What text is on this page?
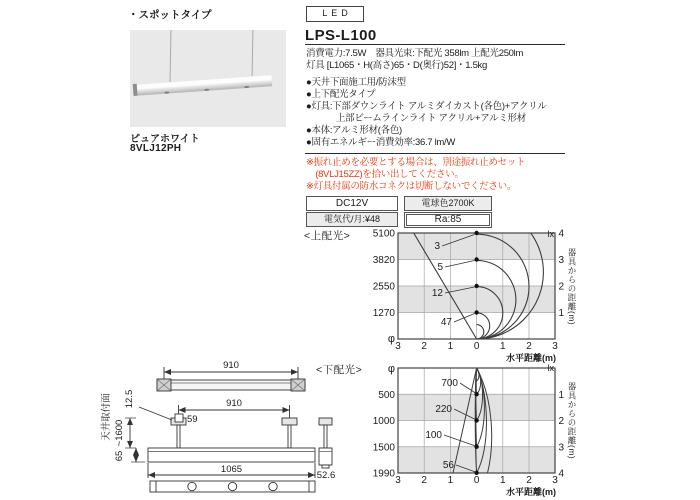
・スポットタイプ
ピュアホワイト
8VLJ12PH
LED
LPS-L100
消費電力:7.5W　器具光束:下配光 358lm 上配光250lm
灯具 [L1065・H(高さ)65・D(奥行)52]・1.5kg
●天井下面施工用/防沫型
●上下配光タイプ
●灯具:下部ダウンライト アルミダイカスト(各色)+アクリル
　　　 上部ビームラインライト アクリル+アルミ形材
●本体:アルミ形材(各色)
●固有エネルギー消費効率:36.7 lm/W
※振れ止めを必要とする場合は、別途振れ止めセット
　(8VLJ15ZZ)を拾い出してください。
※灯具付属の防水コネクは切断しないでください。
DC12V
電気代/月:¥48
電球色2700K
Ra:85
<上配光>
3
5
12
47
5100
3820
2550
1270
φ
4
3
2
1
lx
3 2 1 0 1 2 3
水平距離(m)
器具からの距離(m)
<下配光>
700
220
100
56
φ
500
1000
1500
1990
1
2
3
4
lx
3 2 1 0 1 2 3
水平距離(m)
器具からの距離(m)
910
910
59
12.5
天井取付面 ~1600
65
1065
52.6
